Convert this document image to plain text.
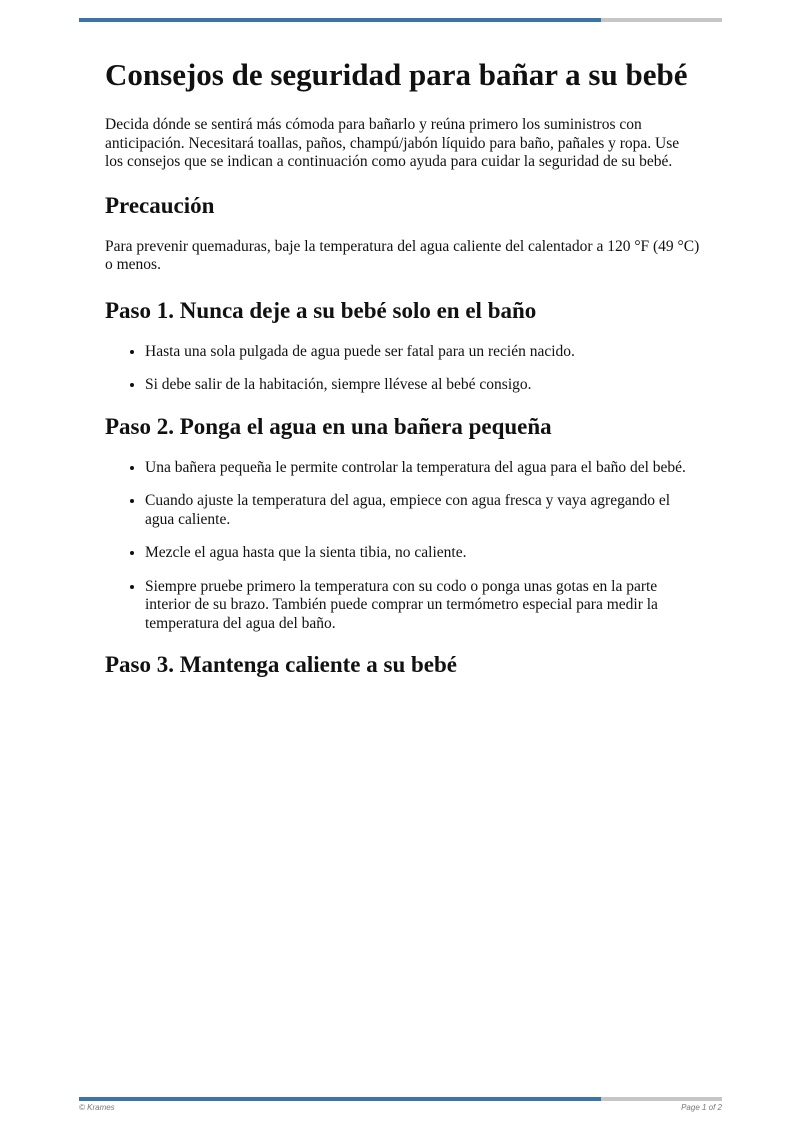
Consejos de seguridad para bañar a su bebé

Decida dónde se sentirá más cómoda para bañarlo y reúna primero los suministros con anticipación. Necesitará toallas, paños, champú/jabón líquido para baño, pañales y ropa. Use los consejos que se indican a continuación como ayuda para cuidar la seguridad de su bebé.

Precaución

Para prevenir quemaduras, baje la temperatura del agua caliente del calentador a 120 °F (49 °C) o menos.

Paso 1. Nunca deje a su bebé solo en el baño
• Hasta una sola pulgada de agua puede ser fatal para un recién nacido.
• Si debe salir de la habitación, siempre llévese al bebé consigo.
Paso 2. Ponga el agua en una bañera pequeña
• Una bañera pequeña le permite controlar la temperatura del agua para el baño del bebé.
• Cuando ajuste la temperatura del agua, empiece con agua fresca y vaya agregando el agua caliente.
• Mezcle el agua hasta que la sienta tibia, no caliente.
• Siempre pruebe primero la temperatura con su codo o ponga unas gotas en la parte interior de su brazo. También puede comprar un termómetro especial para medir la temperatura del agua del baño.
Paso 3. Mantenga caliente a su bebé
© Krames	Page 1 of 2
